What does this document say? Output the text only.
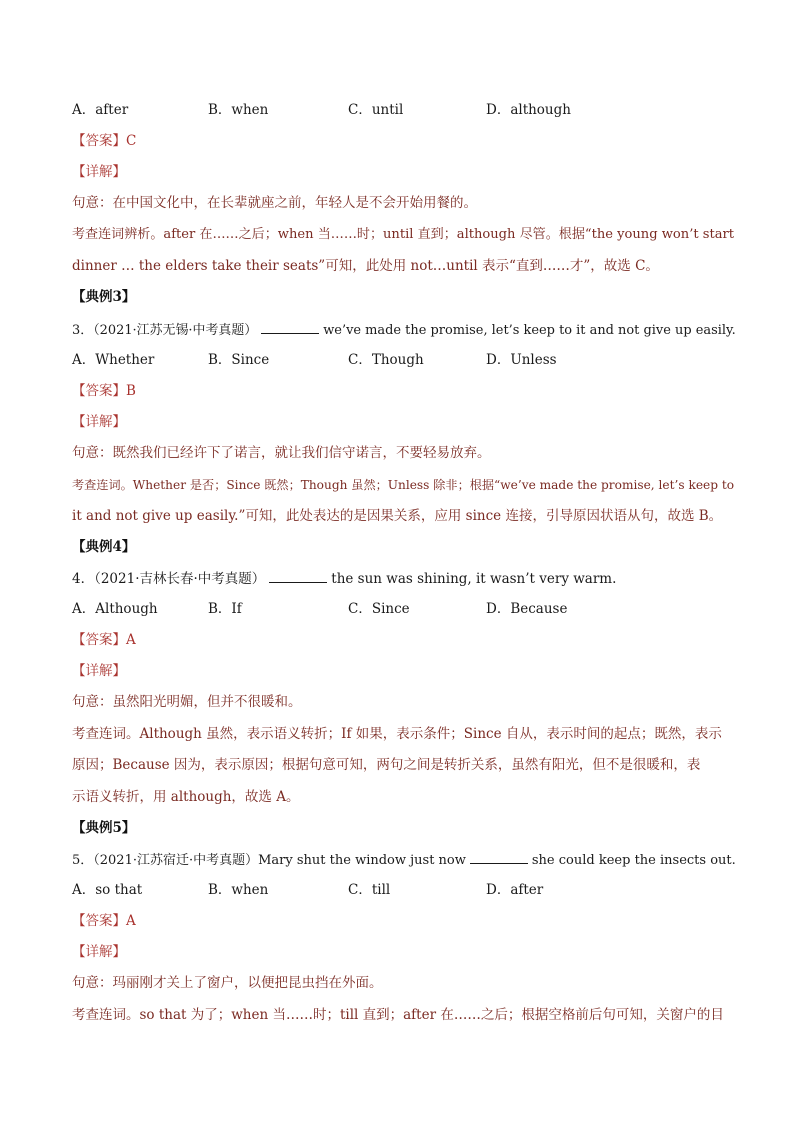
A．after	B．when	C．until	D．although
【答案】C
【详解】
句意：在中国文化中，在长辈就座之前，年轻人是不会开始用餐的。
考查连词辨析。after 在……之后；when 当……时；until 直到；although 尽管。根据“the young won’t start
dinner … the elders take their seats”可知，此处用 not…until 表示“直到……才”，故选 C。
【典例3】
3．（2021·江苏无锡·中考真题）	we’ve made the promise, let’s keep to it and not give up easily.
A．Whether	B．Since	C．Though	D．Unless
【答案】B
【详解】
句意：既然我们已经许下了诺言，就让我们信守诺言，不要轻易放弃。
考查连词。Whether 是否；Since 既然；Though 虽然；Unless 除非；根据“we’ve made the promise, let’s keep to
it and not give up easily.”可知，此处表达的是因果关系，应用 since 连接，引导原因状语从句，故选 B。
【典例4】
4．（2021·吉林长春·中考真题）	the sun was shining, it wasn’t very warm.
A．Although	B．If	C．Since	D．Because
【答案】A
【详解】
句意：虽然阳光明媚，但并不很暖和。
考查连词。Although 虽然，表示语义转折；If 如果，表示条件；Since 自从，表示时间的起点；既然，表示
原因；Because 因为，表示原因；根据句意可知，两句之间是转折关系，虽然有阳光，但不是很暖和，表
示语义转折，用 although，故选 A。
【典例5】
5．（2021·江苏宿迁·中考真题）Mary shut the window just now	she could keep the insects out.
A．so that	B．when	C．till	D．after
【答案】A
【详解】
句意：玛丽刚才关上了窗户，以便把昆虫挡在外面。
考查连词。so that 为了；when 当……时；till 直到；after 在……之后；根据空格前后句可知，关窗户的目
